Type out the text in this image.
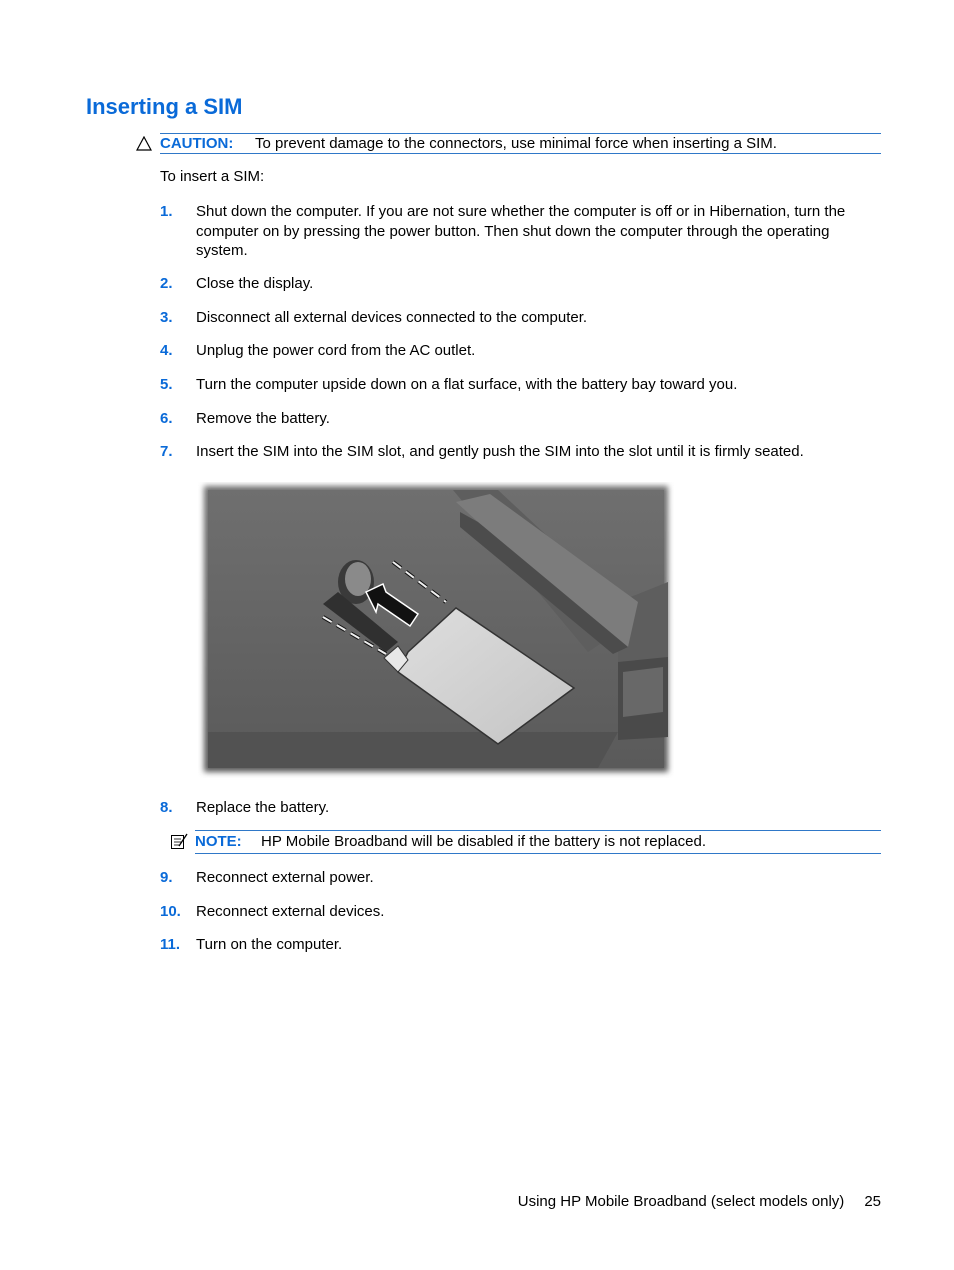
Inserting a SIM
CAUTION: To prevent damage to the connectors, use minimal force when inserting a SIM.
To insert a SIM:
1. Shut down the computer. If you are not sure whether the computer is off or in Hibernation, turn the computer on by pressing the power button. Then shut down the computer through the operating system.
2. Close the display.
3. Disconnect all external devices connected to the computer.
4. Unplug the power cord from the AC outlet.
5. Turn the computer upside down on a flat surface, with the battery bay toward you.
6. Remove the battery.
7. Insert the SIM into the SIM slot, and gently push the SIM into the slot until it is firmly seated.
8. Replace the battery.
NOTE: HP Mobile Broadband will be disabled if the battery is not replaced.
9. Reconnect external power.
10. Reconnect external devices.
11. Turn on the computer.
Using HP Mobile Broadband (select models only) 25
